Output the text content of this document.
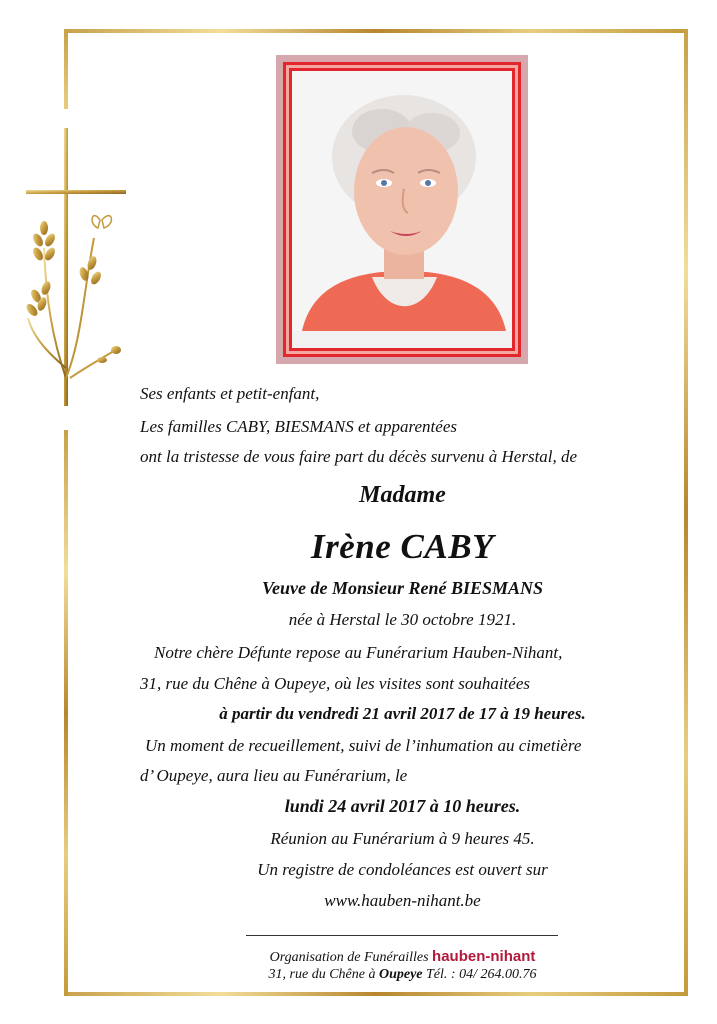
Ses enfants et petit-enfant,
Les familles CABY, BIESMANS et apparentées
ont la tristesse de vous faire part du décès survenu à Herstal, de
Madame
Irène CABY
Veuve de Monsieur René BIESMANS
née à Herstal le 30 octobre 1921.
Notre chère Défunte repose au Funérarium Hauben-Nihant,
31, rue du Chêne à Oupeye, où les visites sont souhaitées
à partir du vendredi 21 avril 2017 de 17 à 19 heures.
Un moment de recueillement, suivi de l’inhumation au cimetière
d’ Oupeye, aura lieu au Funérarium, le
lundi 24 avril 2017 à 10 heures.
Réunion au Funérarium à 9 heures 45.
Un registre de condoléances est ouvert sur
www.hauben-nihant.be
Organisation de Funérailles hauben-nihant
31, rue du Chêne à Oupeye Tél. : 04/ 264.00.76
